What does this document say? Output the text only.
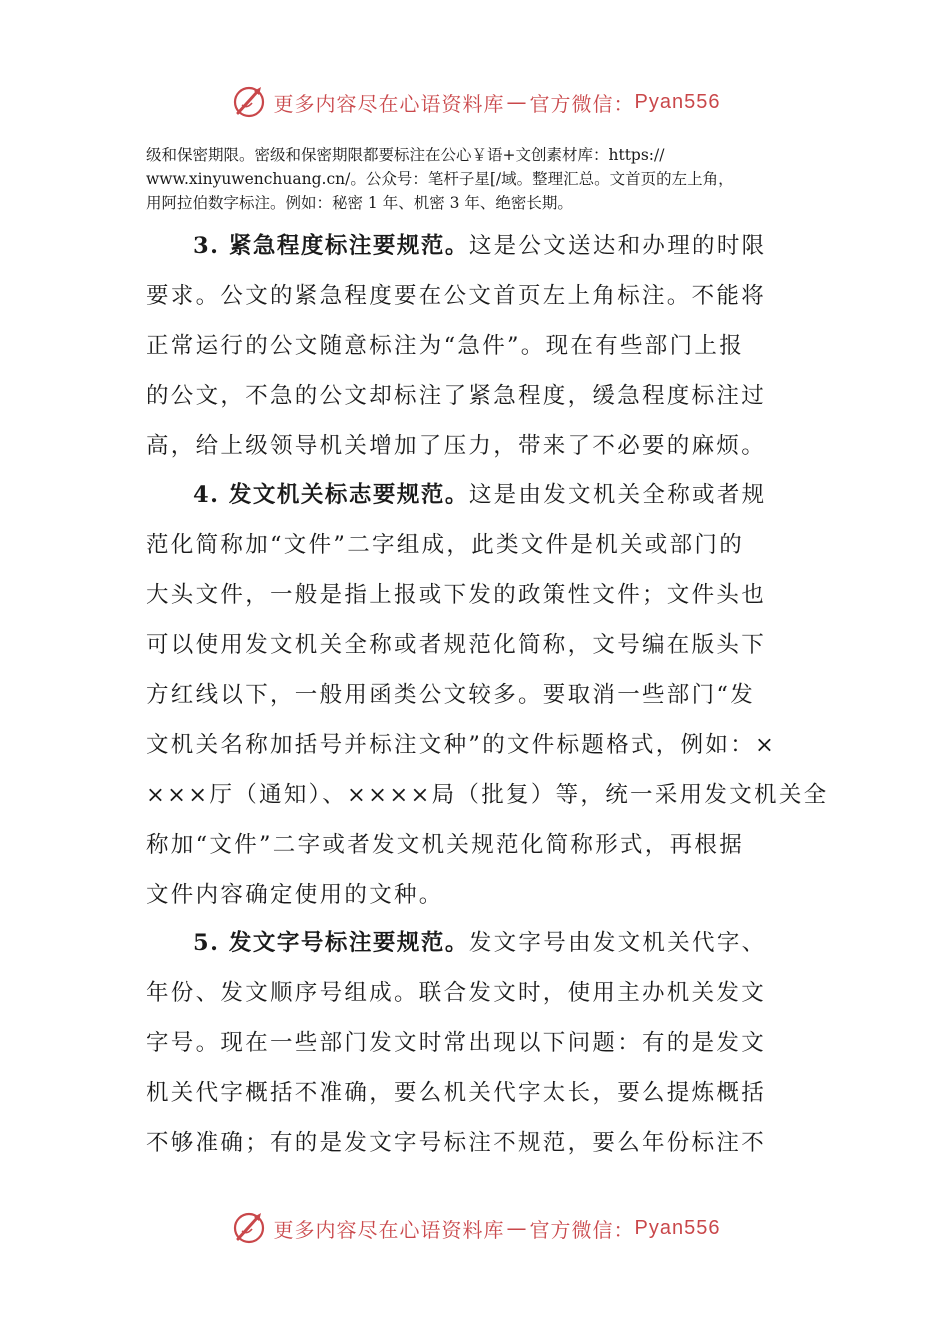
更多内容尽在心语资料库 — 官方微信： Pyan556
级和保密期限。密级和保密期限都要标注在公心￥语+文创素材库：https://
www.xinyuwenchuang.cn/。公众号：笔杆子星[/域。整理汇总。文首页的左上角，
用阿拉伯数字标注。例如：秘密 1 年、机密 3 年、绝密长期。
3. 紧急程度标注要规范。这是公文送达和办理的时限
要求。公文的紧急程度要在公文首页左上角标注。不能将
正常运行的公文随意标注为“急件”。现在有些部门上报
的公文，不急的公文却标注了紧急程度，缓急程度标注过
高，给上级领导机关增加了压力，带来了不必要的麻烦。
4. 发文机关标志要规范。这是由发文机关全称或者规
范化简称加“文件”二字组成，此类文件是机关或部门的
大头文件，一般是指上报或下发的政策性文件；文件头也
可以使用发文机关全称或者规范化简称，文号编在版头下
方红线以下，一般用函类公文较多。要取消一些部门“发
文机关名称加括号并标注文种”的文件标题格式，例如：×
×××厅（通知）、××××局（批复）等，统一采用发文机关全
称加“文件”二字或者发文机关规范化简称形式，再根据
文件内容确定使用的文种。
5. 发文字号标注要规范。发文字号由发文机关代字、
年份、发文顺序号组成。联合发文时，使用主办机关发文
字号。现在一些部门发文时常出现以下问题：有的是发文
机关代字概括不准确，要么机关代字太长，要么提炼概括
不够准确；有的是发文字号标注不规范，要么年份标注不
更多内容尽在心语资料库 — 官方微信： Pyan556
